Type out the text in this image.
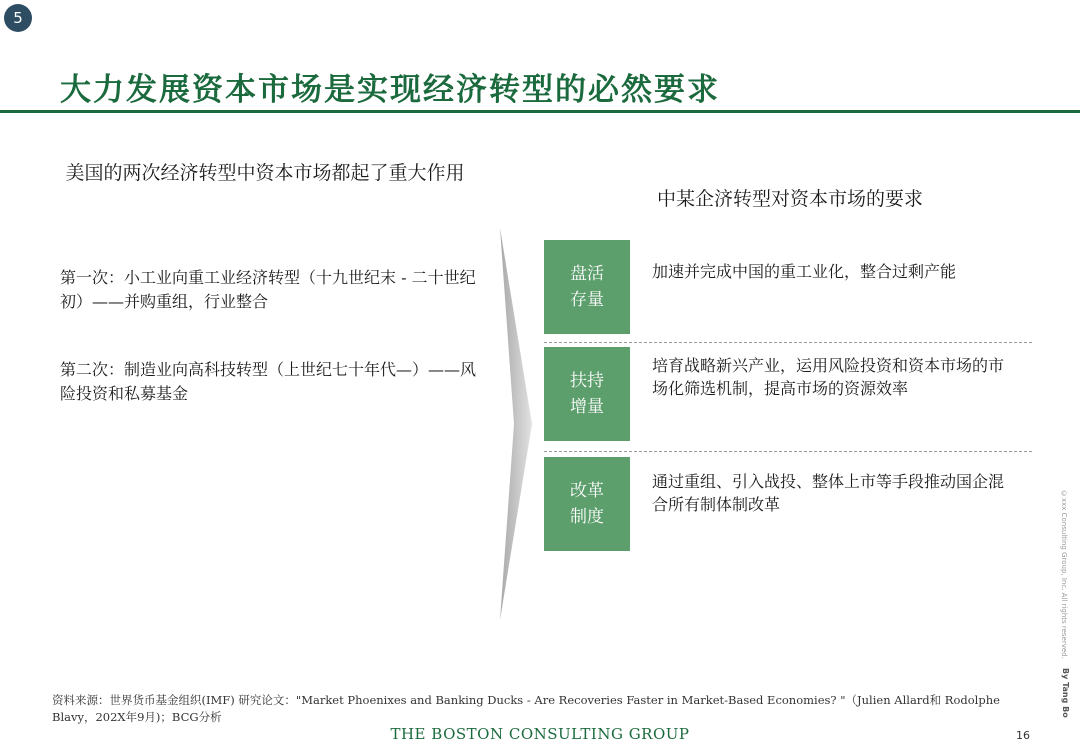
5
大力发展资本市场是实现经济转型的必然要求
美国的两次经济转型中资本市场都起了重大作用
第一次：小工业向重工业经济转型（十九世纪末 - 二十世纪初）——并购重组，行业整合
第二次：制造业向高科技转型（上世纪七十年代—）——风险投资和私募基金
中某企济转型对资本市场的要求
盘活存量
加速并完成中国的重工业化，整合过剩产能
扶持增量
培育战略新兴产业，运用风险投资和资本市场的市场化筛选机制，提高市场的资源效率
改革制度
通过重组、引入战投、整体上市等手段推动国企混合所有制体制改革
资料来源：世界货币基金组织(IMF) 研究论文："Market Phoenixes and Banking Ducks - Are Recoveries Faster in Market-Based Economies? "（Julien Allard和 Rodolphe Blavy，202X年9月)；BCG分析
THE BOSTON CONSULTING GROUP	16
©xxx Consulting Group, Inc. All rights reserved.
By Tang Bo
